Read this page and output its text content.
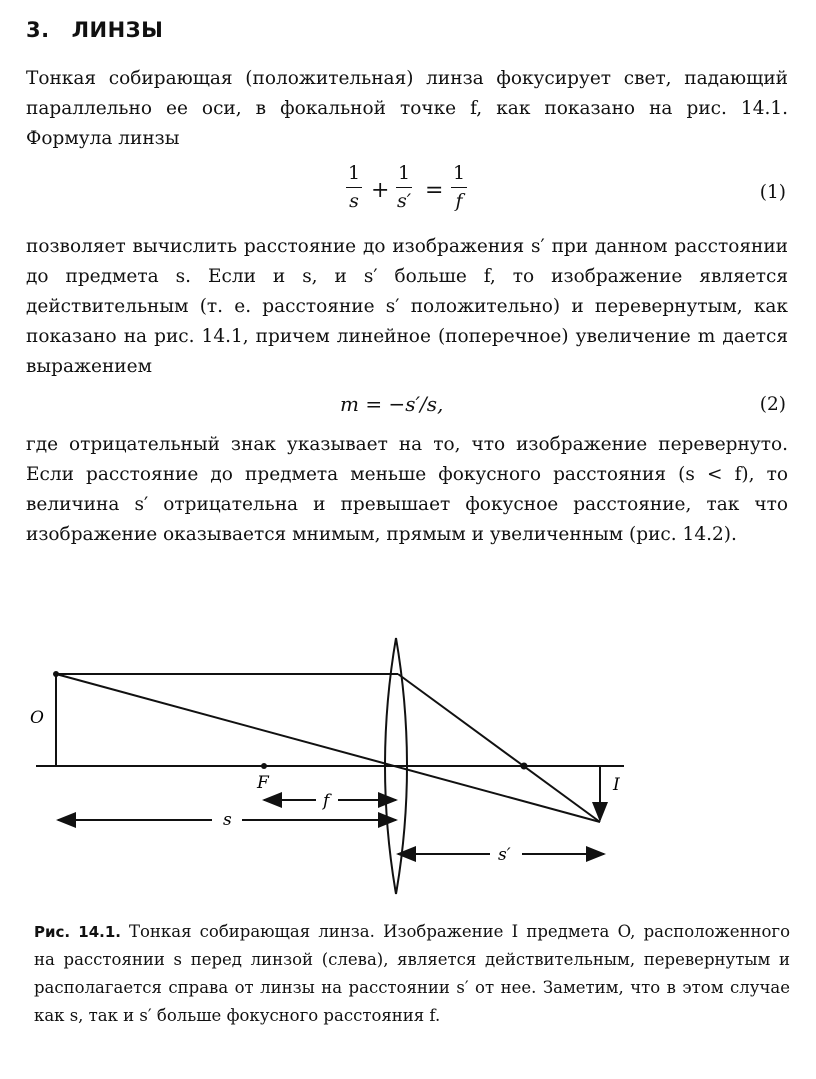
3. ЛИНЗЫ

Тонкая собирающая (положительная) линза фокусирует свет, падающий параллельно ее оси, в фокальной точке f, как показано на рис. 14.1. Формула линзы

1
s +
1
s′ =
1
f	(1)

позволяет вычислить расстояние до изображения s′ при данном расстоянии до предмета s. Если и s, и s′ больше f, то изображение является действительным (т. е. расстояние s′ положительно) и перевернутым, как показано на рис. 14.1, причем линейное (поперечное) увеличение m дается выражением

m = −s′/s,	(2)

где отрицательный знак указывает на то, что изображение перевернуто. Если расстояние до предмета меньше фокусного расстояния (s < f), то величина s′ отрицательна и превышает фокусное расстояние, так что изображение оказывается мнимым, прямым и увеличенным (рис. 14.2).

O
F	I
f
s
s′

Рис. 14.1. Тонкая собирающая линза. Изображение I предмета O, расположенного на расстоянии s перед линзой (слева), является действительным, перевернутым и располагается справа от линзы на расстоянии s′ от нее. Заметим, что в этом случае как s, так и s′ больше фокусного расстояния f.
